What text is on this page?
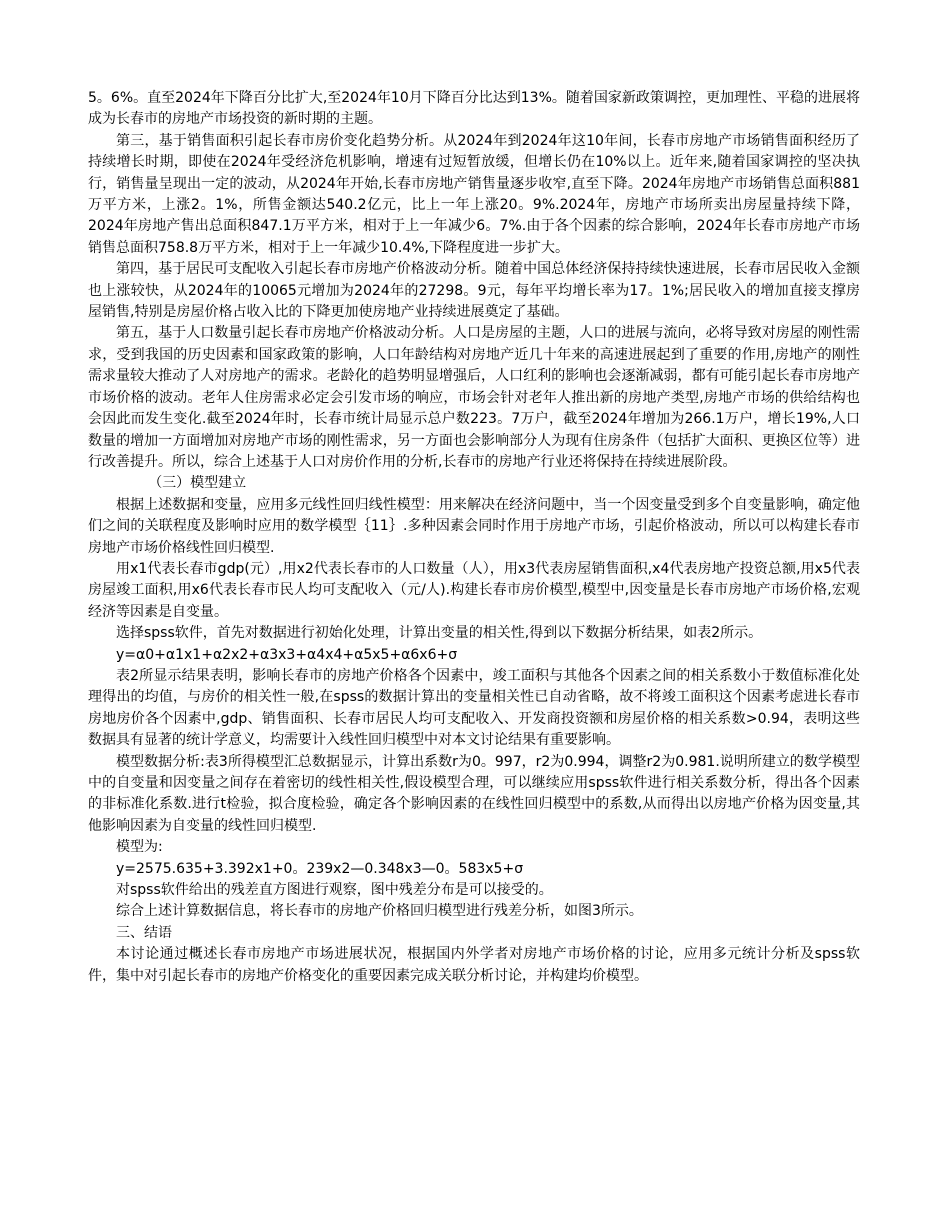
5。6%。直至2024年下降百分比扩大,至2024年10月下降百分比达到13%。随着国家新政策调控，更加理性、平稳的进展将成为长春市的房地产市场投资的新时期的主题。

第三，基于销售面积引起长春市房价变化趋势分析。从2024年到2024年这10年间，长春市房地产市场销售面积经历了持续增长时期，即使在2024年受经济危机影响，增速有过短暂放缓，但增长仍在10%以上。近年来,随着国家调控的坚决执行，销售量呈现出一定的波动，从2024年开始,长春市房地产销售量逐步收窄,直至下降。2024年房地产市场销售总面积881万平方米，上涨2。1%，所售金额达540.2亿元，比上一年上涨20。9%.2024年，房地产市场所卖出房屋量持续下降，2024年房地产售出总面积847.1万平方米，相对于上一年减少6。7%.由于各个因素的综合影响，2024年长春市房地产市场销售总面积758.8万平方米，相对于上一年减少10.4%,下降程度进一步扩大。

第四，基于居民可支配收入引起长春市房地产价格波动分析。随着中国总体经济保持持续快速进展，长春市居民收入金额也上涨较快，从2024年的10065元增加为2024年的27298。9元，每年平均增长率为17。1%;居民收入的增加直接支撑房屋销售,特别是房屋价格占收入比的下降更加使房地产业持续进展奠定了基础。

第五，基于人口数量引起长春市房地产价格波动分析。人口是房屋的主题，人口的进展与流向，必将导致对房屋的刚性需求，受到我国的历史因素和国家政策的影响，人口年龄结构对房地产近几十年来的高速进展起到了重要的作用,房地产的刚性需求量较大推动了人对房地产的需求。老龄化的趋势明显增强后，人口红利的影响也会逐渐减弱，都有可能引起长春市房地产市场价格的波动。老年人住房需求必定会引发市场的响应，市场会针对老年人推出新的房地产类型,房地产市场的供给结构也会因此而发生变化.截至2024年时，长春市统计局显示总户数223。7万户，截至2024年增加为266.1万户，增长19%,人口数量的增加一方面增加对房地产市场的刚性需求，另一方面也会影响部分人为现有住房条件（包括扩大面积、更换区位等）进行改善提升。所以，综合上述基于人口对房价作用的分析,长春市的房地产行业还将保持在持续进展阶段。

（三）模型建立

根据上述数据和变量，应用多元线性回归线性模型：用来解决在经济问题中，当一个因变量受到多个自变量影响，确定他们之间的关联程度及影响时应用的数学模型｛11｝.多种因素会同时作用于房地产市场，引起价格波动，所以可以构建长春市房地产市场价格线性回归模型.

用x1代表长春市gdp(元）,用x2代表长春市的人口数量（人），用x3代表房屋销售面积,x4代表房地产投资总额,用x5代表房屋竣工面积,用x6代表长春市民人均可支配收入（元/人).构建长春市房价模型,模型中,因变量是长春市房地产市场价格,宏观经济等因素是自变量。

选择spss软件，首先对数据进行初始化处理，计算出变量的相关性,得到以下数据分析结果，如表2所示。

y=α0+α1x1+α2x2+α3x3+α4x4+α5x5+α6x6+σ

表2所显示结果表明，影响长春市的房地产价格各个因素中，竣工面积与其他各个因素之间的相关系数小于数值标准化处理得出的均值，与房价的相关性一般,在spss的数据计算出的变量相关性已自动省略，故不将竣工面积这个因素考虑进长春市房地房价各个因素中,gdp、销售面积、长春市居民人均可支配收入、开发商投资额和房屋价格的相关系数>0.94，表明这些数据具有显著的统计学意义，均需要计入线性回归模型中对本文讨论结果有重要影响。

模型数据分析:表3所得模型汇总数据显示，计算出系数r为0。997，r2为0.994，调整r2为0.981.说明所建立的数学模型中的自变量和因变量之间存在着密切的线性相关性,假设模型合理，可以继续应用spss软件进行相关系数分析，得出各个因素的非标准化系数.进行t检验，拟合度检验，确定各个影响因素的在线性回归模型中的系数,从而得出以房地产价格为因变量,其他影响因素为自变量的线性回归模型.

模型为:

y=2575.635+3.392x1+0。239x2—0.348x3—0。583x5+σ

对spss软件给出的残差直方图进行观察，图中残差分布是可以接受的。

综合上述计算数据信息，将长春市的房地产价格回归模型进行残差分析，如图3所示。

三、结语

本讨论通过概述长春市房地产市场进展状况，根据国内外学者对房地产市场价格的讨论，应用多元统计分析及spss软件，集中对引起长春市的房地产价格变化的重要因素完成关联分析讨论，并构建均价模型。
